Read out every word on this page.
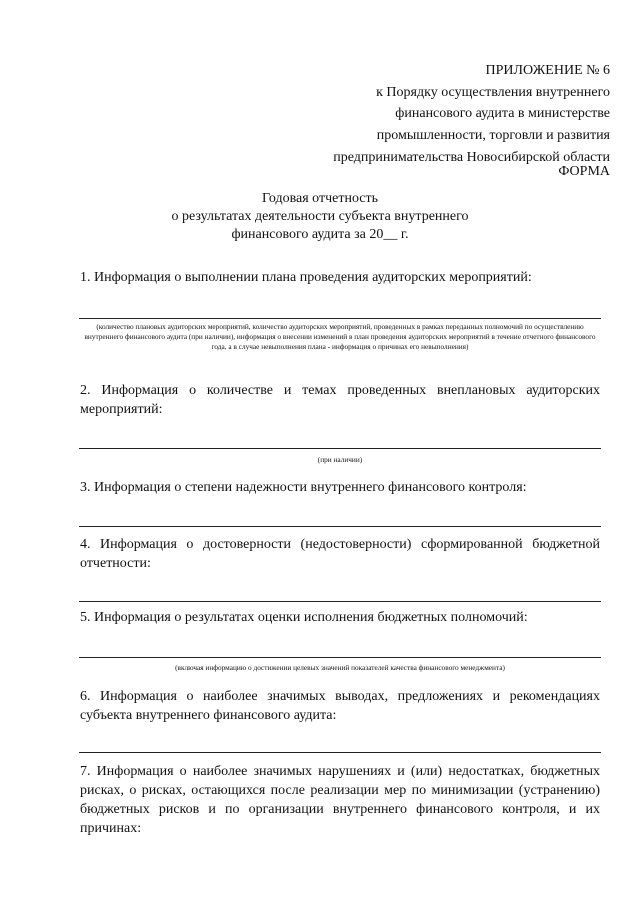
ПРИЛОЖЕНИЕ № 6
к Порядку осуществления внутреннего
финансового аудита в министерстве
промышленности, торговли и развития
предпринимательства Новосибирской области
ФОРМА
Годовая отчетность
о результатах деятельности субъекта внутреннего
финансового аудита за 20__ г.
1. Информация о выполнении плана проведения аудиторских мероприятий:
(количество плановых аудиторских мероприятий, количество аудиторских мероприятий, проведенных в рамках переданных полномочий по осуществлению внутреннего финансового аудита (при наличии), информация о внесении изменений в план проведения аудиторских мероприятий в течение отчетного финансового года, а в случае невыполнения плана - информация о причинах его невыполнения)
2. Информация о количестве и темах проведенных внеплановых аудиторских мероприятий:
(при наличии)
3. Информация о степени надежности внутреннего финансового контроля:
4. Информация о достоверности (недостоверности) сформированной бюджетной отчетности:
5. Информация о результатах оценки исполнения бюджетных полномочий:
(включая информацию о достижении целевых значений показателей качества финансового менеджмента)
6. Информация о наиболее значимых выводах, предложениях и рекомендациях субъекта внутреннего финансового аудита:
7. Информация о наиболее значимых нарушениях и (или) недостатках, бюджетных рисках, о рисках, остающихся после реализации мер по минимизации (устранению) бюджетных рисков и по организации внутреннего финансового контроля, и их причинах:
